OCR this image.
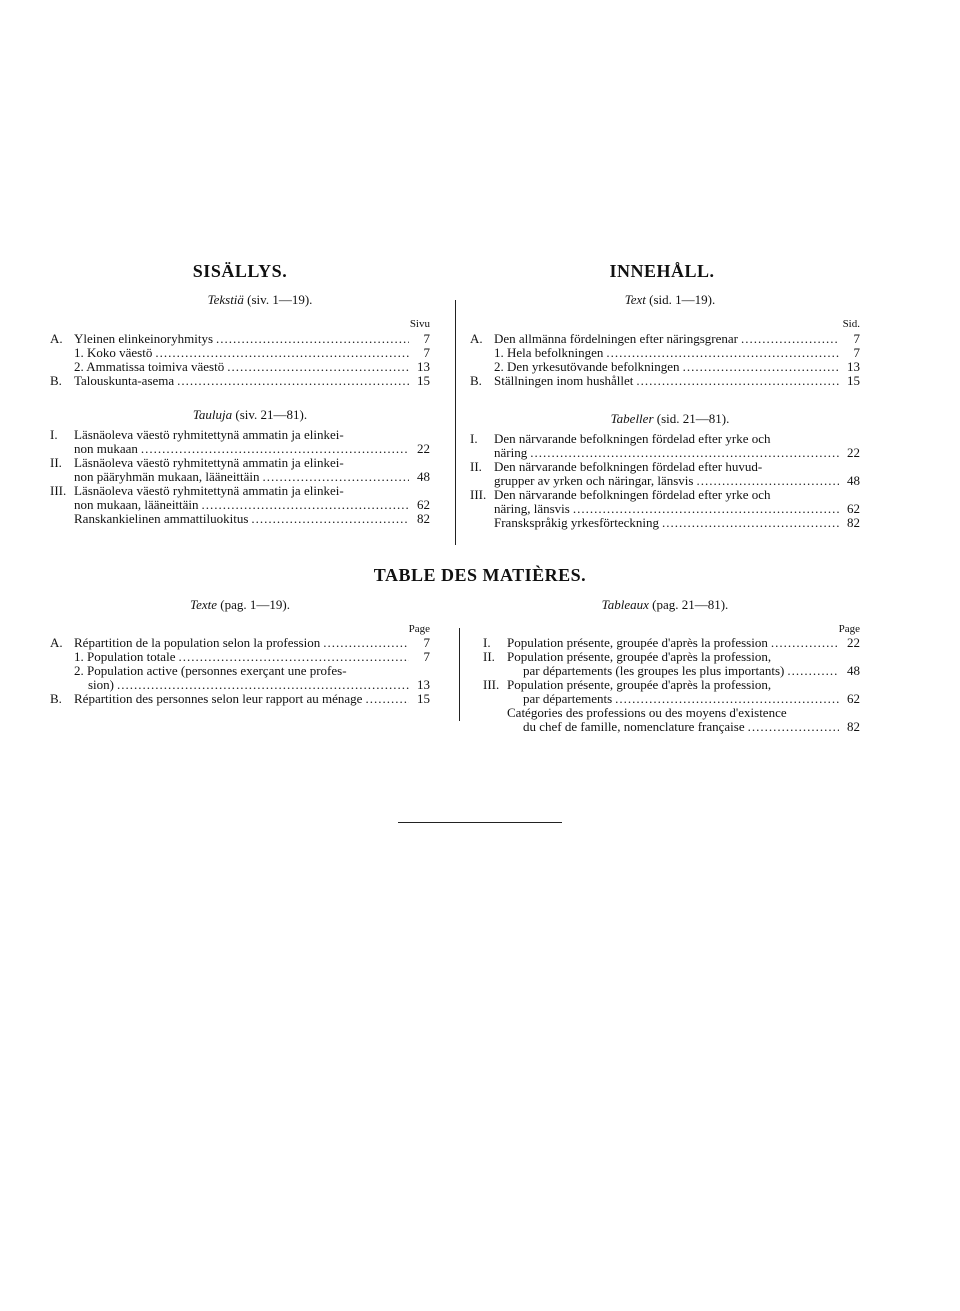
SISÄLLYS.
Tekstiä (siv. 1—19).
Sivu
A. Yleinen elinkeinoryhmitys .....	7
1. Koko väestö .....	7
2. Ammatissa toimiva väestö .....	13
B. Talouskunta-asema .....	15
Tauluja (siv. 21—81).
I. Läsnäoleva väestö ryhmitettynä ammatin ja elinkei-
non mukaan .....	22
II. Läsnäoleva väestö ryhmitettynä ammatin ja elinkei-
non pääryhmän mukaan, lääneittäin .....	48
III. Läsnäoleva väestö ryhmitettynä ammatin ja elinkei-
non mukaan, lääneittäin .....	62
Ranskankielinen ammattiluokitus .....	82
INNEHÅLL.
Text (sid. 1—19).
Sid.
A. Den allmänna fördelningen efter näringsgrenar .....	7
1. Hela befolkningen .....	7
2. Den yrkesutövande befolkningen .....	13
B. Ställningen inom hushållet .....	15
Tabeller (sid. 21—81).
I. Den närvarande befolkningen fördelad efter yrke och
näring .....	22
II. Den närvarande befolkningen fördelad efter huvud-
grupper av yrken och näringar, länsvis .....	48
III. Den närvarande befolkningen fördelad efter yrke och
näring, länsvis .....	62
Franskspråkig yrkesförteckning .....	82
TABLE DES MATIÈRES.
Texte (pag. 1—19).
Page
A. Répartition de la population selon la profession .....	7
1. Population totale .....	7
2. Population active (personnes exerçant une profes-
sion) .....	13
B. Répartition des personnes selon leur rapport au ménage .....	15
Tableaux (pag. 21—81).
Page
I.	Population présente, groupée d'après la profession .....	22
II. Population présente, groupée d'après la profession,
par départements (les groupes les plus importants) .....	48
III. Population présente, groupée d'après la profession,
par départements .....	62
Catégories des professions ou des moyens d'existence
du chef de famille, nomenclature française .....	82
